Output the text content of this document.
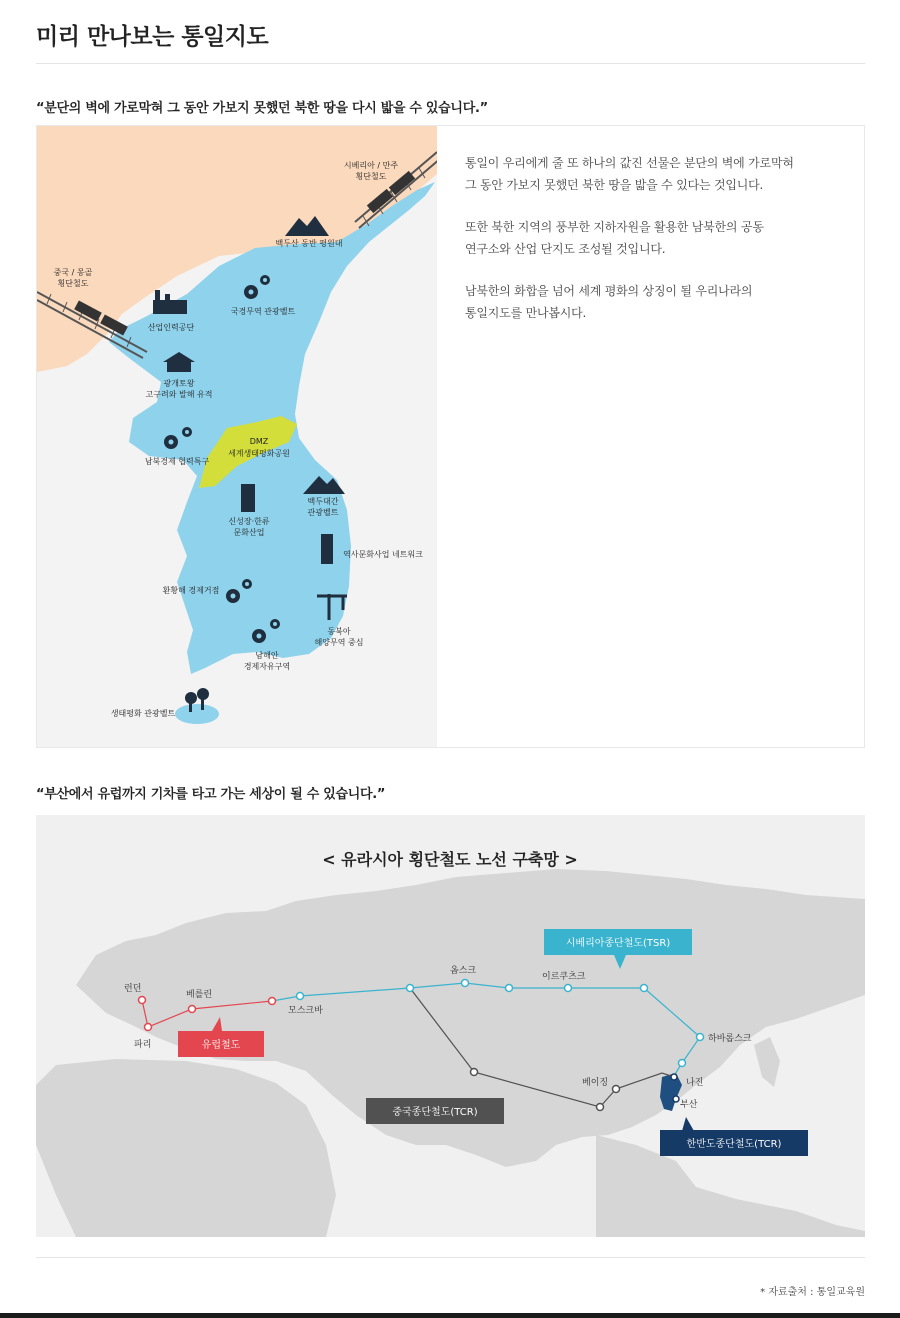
미리 만나보는 통일지도
“분단의 벽에 가로막혀 그 동안 가보지 못했던 북한 땅을 다시 밟을 수 있습니다.”
시베리아 / 만주
횡단철도
백두산 동반 평원대
중국 / 몽골
횡단철도
산업인력공단
국경무역 관광벨트
광개토왕
고구려와 발해 유적
DMZ
세계생태평화공원
남북경제 협력특구
백두대간
관광벨트
신성장·한류
문화산업
역사문화사업 네트워크
환황해 경제거점
동북아
해양무역 중심
남해안
경제자유구역
생태평화 관광벨트

통일이 우리에게 줄 또 하나의 값진 선물은 분단의 벽에 가로막혀
그 동안 가보지 못했던 북한 땅을 밟을 수 있다는 것입니다.

또한 북한 지역의 풍부한 지하자원을 활용한 남북한의 공동
연구소와 산업 단지도 조성될 것입니다.

남북한의 화합을 넘어 세계 평화의 상징이 될 우리나라의
통일지도를 만나봅시다.

“부산에서 유럽까지 기차를 타고 가는 세상이 될 수 있습니다.”
< 유라시아 횡단철도 노선 구축망 >
런던
베를린
파리
모스크바
옴스크
이르쿠츠크
하바롭스크
베이징	나진
부산
시베리아종단철도(TSR)
유럽철도
중국종단철도(TCR)
한반도종단철도(TCR)
* 자료출처 : 통일교육원
